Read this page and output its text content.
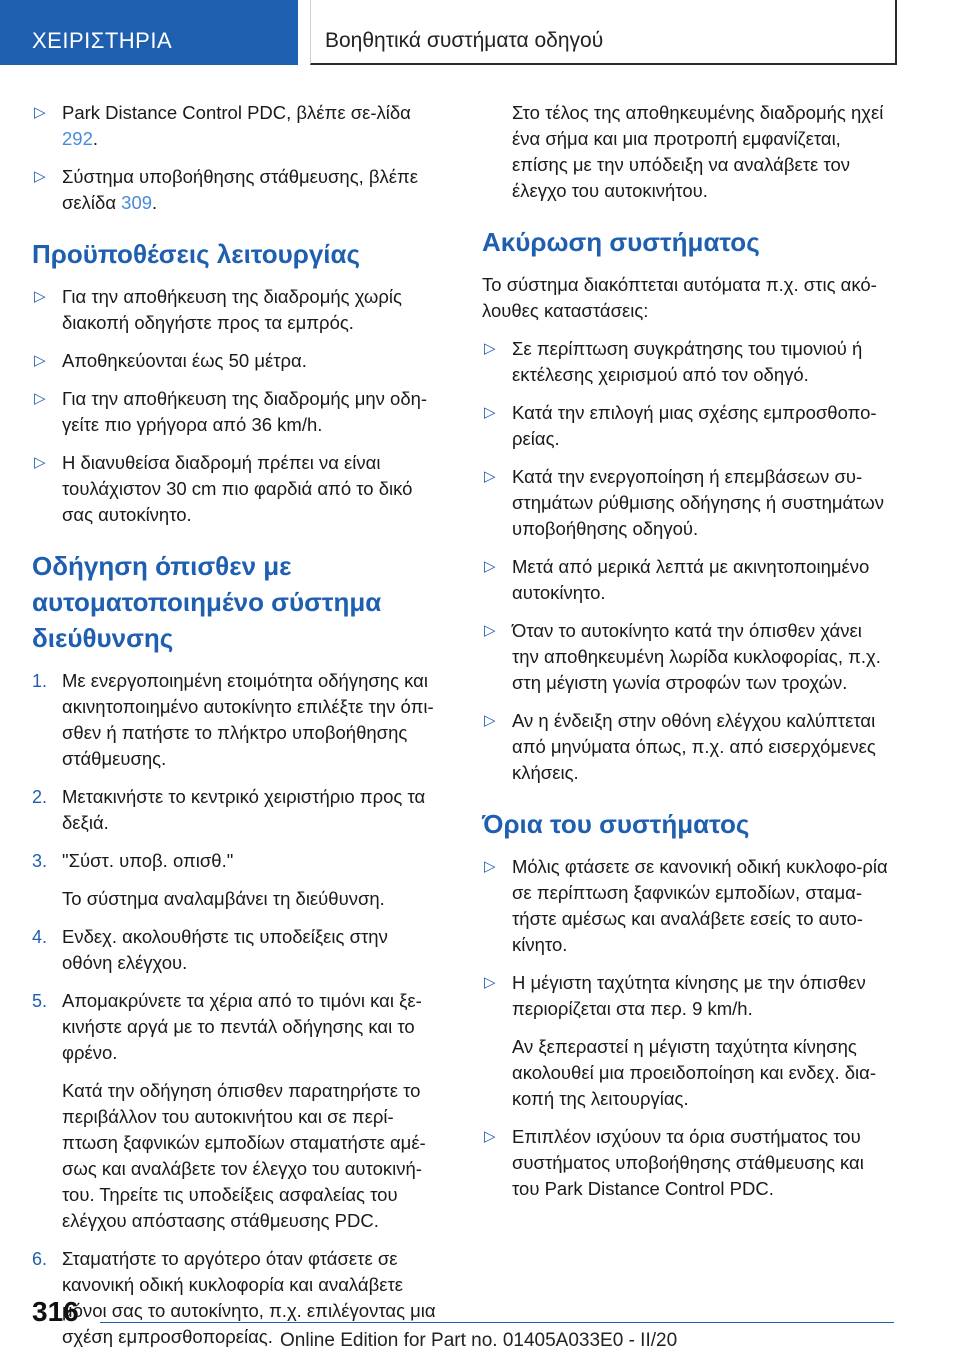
ΧΕΙΡΙΣΤΗΡΙΑ	Βοηθητικά συστήματα οδηγού
▷ Park Distance Control PDC, βλέπε σε‐λίδα 292.
▷ Σύστημα υποβοήθησης στάθμευσης, βλέπε σελίδα 309.
Προϋποθέσεις λειτουργίας
▷ Για την αποθήκευση της διαδρομής χωρίς διακοπή οδηγήστε προς τα εμπρός.
▷ Αποθηκεύονται έως 50 μέτρα.
▷ Για την αποθήκευση της διαδρομής μην οδη‐γείτε πιο γρήγορα από 36 km/h.
▷ Η διανυθείσα διαδρομή πρέπει να είναι τουλάχιστον 30 cm πιο φαρδιά από το δικό σας αυτοκίνητο.
Οδήγηση όπισθεν με αυτοματοποιημένο σύστημα διεύθυνσης
1. Με ενεργοποιημένη ετοιμότητα οδήγησης και ακινητοποιημένο αυτοκίνητο επιλέξτε την όπι‐σθεν ή πατήστε το πλήκτρο υποβοήθησης στάθμευσης.
2. Μετακινήστε το κεντρικό χειριστήριο προς τα δεξιά.
3. "Σύστ. υποβ. οπισθ."
Το σύστημα αναλαμβάνει τη διεύθυνση.
4. Ενδεχ. ακολουθήστε τις υποδείξεις στην οθόνη ελέγχου.
5. Απομακρύνετε τα χέρια από το τιμόνι και ξε‐κινήστε αργά με το πεντάλ οδήγησης και το φρένο.
Κατά την οδήγηση όπισθεν παρατηρήστε το περιβάλλον του αυτοκινήτου και σε περί‐πτωση ξαφνικών εμποδίων σταματήστε αμέ‐σως και αναλάβετε τον έλεγχο του αυτοκινή‐του. Τηρείτε τις υποδείξεις ασφαλείας του ελέγχου απόστασης στάθμευσης PDC.
6. Σταματήστε το αργότερο όταν φτάσετε σε κανονική οδική κυκλοφορία και αναλάβετε μόνοι σας το αυτοκίνητο, π.χ. επιλέγοντας μια σχέση εμπροσθοπορείας.
Στο τέλος της αποθηκευμένης διαδρομής ηχεί ένα σήμα και μια προτροπή εμφανίζεται, επίσης με την υπόδειξη να αναλάβετε τον έλεγχο του αυτοκινήτου.
Ακύρωση συστήματος
Το σύστημα διακόπτεται αυτόματα π.χ. στις ακό‐λουθες καταστάσεις:
▷ Σε περίπτωση συγκράτησης του τιμονιού ή εκτέλεσης χειρισμού από τον οδηγό.
▷ Κατά την επιλογή μιας σχέσης εμπροσθοπο‐ρείας.
▷ Κατά την ενεργοποίηση ή επεμβάσεων συ‐στημάτων ρύθμισης οδήγησης ή συστημάτων υποβοήθησης οδηγού.
▷ Μετά από μερικά λεπτά με ακινητοποιημένο αυτοκίνητο.
▷ Όταν το αυτοκίνητο κατά την όπισθεν χάνει την αποθηκευμένη λωρίδα κυκλοφορίας, π.χ. στη μέγιστη γωνία στροφών των τροχών.
▷ Αν η ένδειξη στην οθόνη ελέγχου καλύπτεται από μηνύματα όπως, π.χ. από εισερχόμενες κλήσεις.
Όρια του συστήματος
▷ Μόλις φτάσετε σε κανονική οδική κυκλοφο‐ρία σε περίπτωση ξαφνικών εμποδίων, σταμα‐τήστε αμέσως και αναλάβετε εσείς το αυτο‐κίνητο.
▷ Η μέγιστη ταχύτητα κίνησης με την όπισθεν περιορίζεται στα περ. 9 km/h.
Αν ξεπεραστεί η μέγιστη ταχύτητα κίνησης ακολουθεί μια προειδοποίηση και ενδεχ. δια‐κοπή της λειτουργίας.
▷ Επιπλέον ισχύουν τα όρια συστήματος του συστήματος υποβοήθησης στάθμευσης και του Park Distance Control PDC.
316
Online Edition for Part no. 01405A033E0 - II/20
